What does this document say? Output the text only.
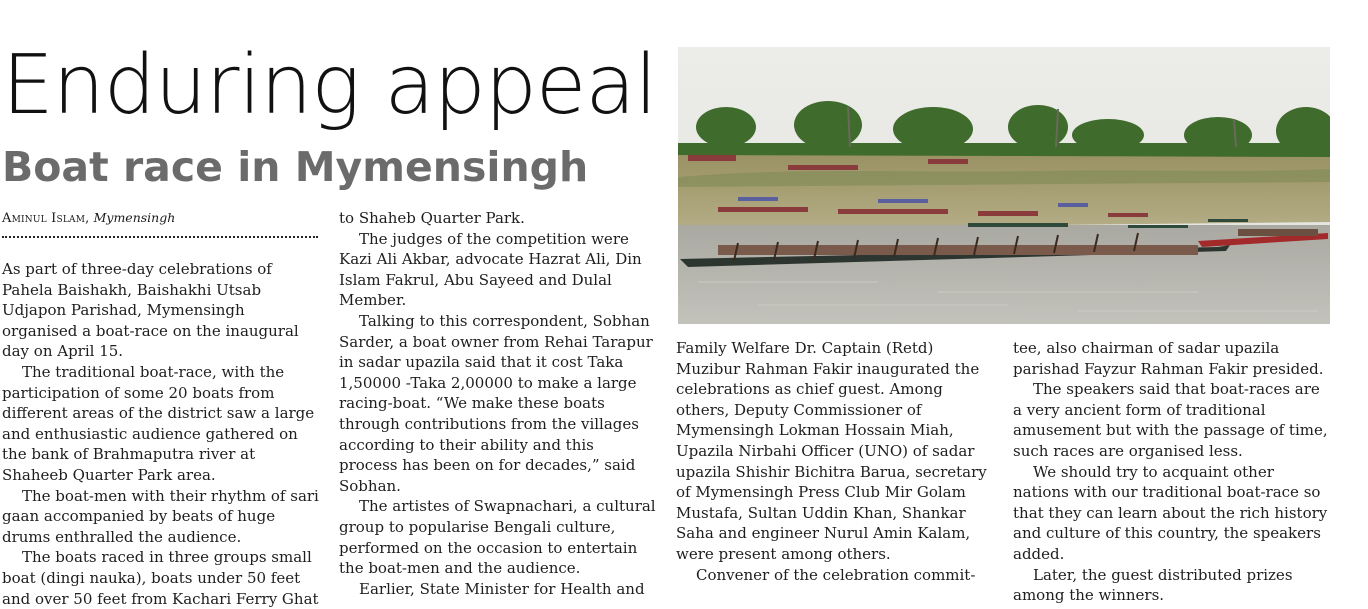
Enduring appeal
Boat race in Mymensingh
Aminul Islam, Mymensingh

As part of three-day celebrations of Pahela Baishakh, Baishakhi Utsab Udjapon Parishad, Mymensingh organised a boat-race on the inaugural day on April 15.

The traditional boat-race, with the participation of some 20 boats from different areas of the district saw a large and enthusiastic audience gathered on the bank of Brahmaputra river at Shaheeb Quarter Park area.

The boat-men with their rhythm of sari gaan accompanied by beats of huge drums enthralled the audience.

The boats raced in three groups small boat (dingi nauka), boats under 50 feet and over 50 feet from Kachari Ferry Ghat

to Shaheb Quarter Park.

The judges of the competition were Kazi Ali Akbar, advocate Hazrat Ali, Din Islam Fakrul, Abu Sayeed and Dulal Member.

Talking to this correspondent, Sobhan Sarder, a boat owner from Rehai Tarapur in sadar upazila said that it cost Taka 1,50000 -Taka 2,00000 to make a large racing-boat. “We make these boats through contributions from the villages according to their ability and this process has been on for decades,” said Sobhan.

The artistes of Swapnachari, a cultural group to popularise Bengali culture, performed on the occasion to entertain the boat-men and the audience.

Earlier, State Minister for Health and

Family Welfare Dr. Captain (Retd) Muzibur Rahman Fakir inaugurated the celebrations as chief guest. Among others, Deputy Commissioner of Mymensingh Lokman Hossain Miah, Upazila Nirbahi Officer (UNO) of sadar upazila Shishir Bichitra Barua, secretary of Mymensingh Press Club Mir Golam Mustafa, Sultan Uddin Khan, Shankar Saha and engineer Nurul Amin Kalam, were present among others.

Convener of the celebration commit-

tee, also chairman of sadar upazila parishad Fayzur Rahman Fakir presided.

The speakers said that boat-races are a very ancient form of traditional amusement but with the passage of time, such races are organised less.

We should try to acquaint other nations with our traditional boat-race so that they can learn about the rich history and culture of this country, the speakers added.

Later, the guest distributed prizes among the winners.
